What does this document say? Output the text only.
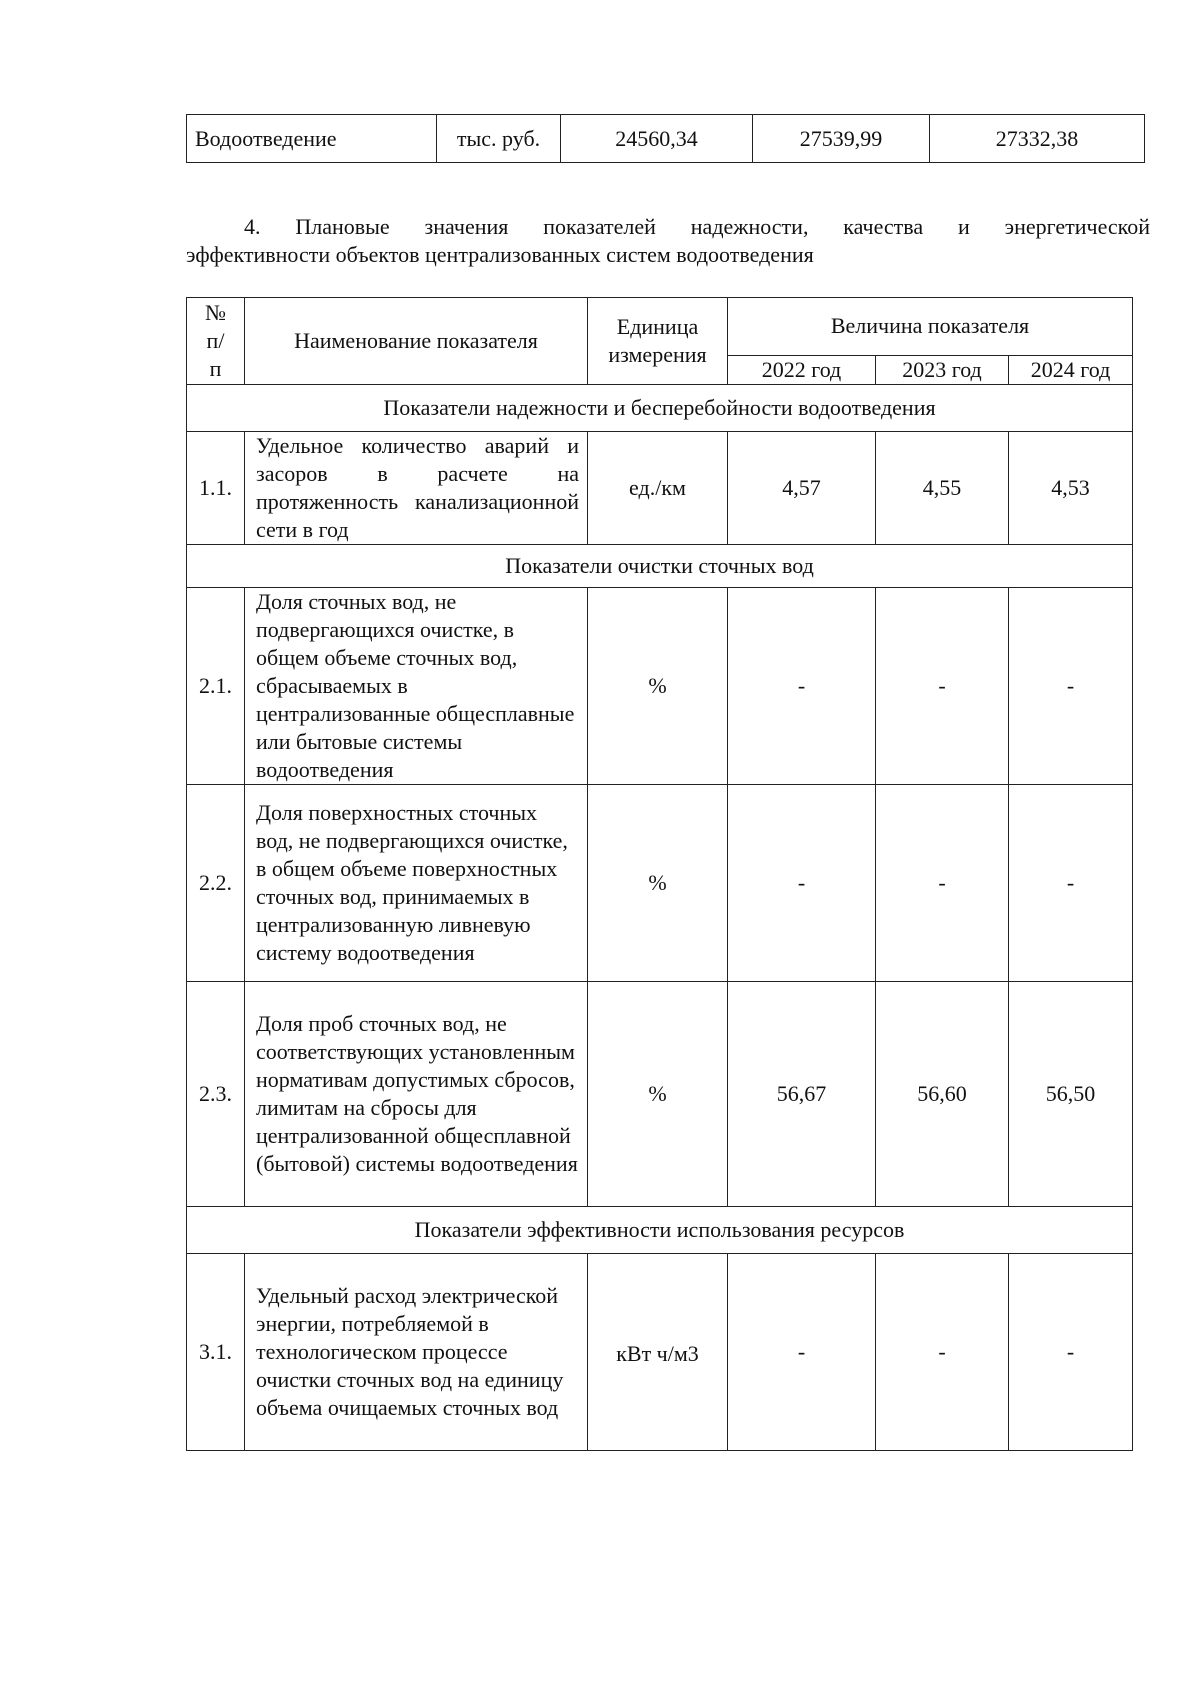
Водоотведение	тыс. руб.	24560,34	27539,99	27332,38
4. Плановые значения показателей надежности, качества и энергетической
эффективности объектов централизованных систем водоотведения
№ п/п	Наименование показателя	Единица измерения	Величина показателя		
			2022 год	2023 год	2024 год
Показатели надежности и бесперебойности водоотведения					
1.1.	Удельное количество аварий и засоров в расчете на протяженность канализационной сети в год	ед./км	4,57	4,55	4,53
Показатели очистки сточных вод					
2.1.	Доля сточных вод, не подвергающихся очистке, в общем объеме сточных вод, сбрасываемых в централизованные общесплавные или бытовые системы водоотведения	%	-	-	-
2.2.	Доля поверхностных сточных вод, не подвергающихся очистке, в общем объеме поверхностных сточных вод, принимаемых в централизованную ливневую систему водоотведения	%	-	-	-
2.3.	Доля проб сточных вод, не соответствующих установленным нормативам допустимых сбросов, лимитам на сбросы для централизованной общесплавной (бытовой) системы водоотведения	%	56,67	56,60	56,50
Показатели эффективности использования ресурсов					
3.1.	Удельный расход электрической энергии, потребляемой в технологическом процессе очистки сточных вод на единицу объема очищаемых сточных вод	кВт ч/м3	-	-	-
